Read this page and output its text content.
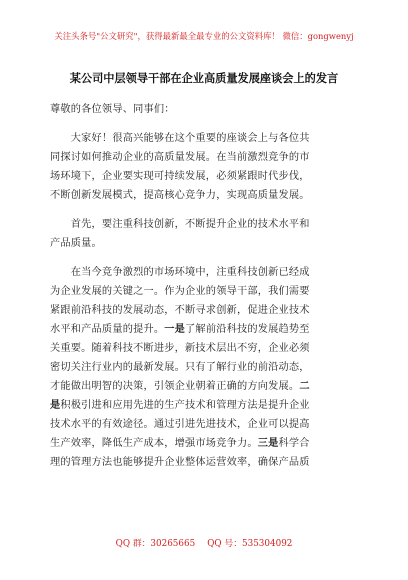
关注头条号"公文研究"，获得最新最全最专业的公文资料库！ 微信：gongwenyj
某公司中层领导干部在企业高质量发展座谈会上的发言
尊敬的各位领导、同事们：
　　大家好！很高兴能够在这个重要的座谈会上与各位共
同探讨如何推动企业的高质量发展。在当前激烈竞争的市
场环境下，企业要实现可持续发展，必须紧跟时代步伐，
不断创新发展模式，提高核心竞争力，实现高质量发展。
　　首先，要注重科技创新，不断提升企业的技术水平和
产品质量。
　　在当今竞争激烈的市场环境中，注重科技创新已经成
为企业发展的关键之一。作为企业的领导干部，我们需要
紧跟前沿科技的发展动态，不断寻求创新，促进企业技术
水平和产品质量的提升。一是了解前沿科技的发展趋势至
关重要。随着科技不断进步，新技术层出不穷，企业必须
密切关注行业内的最新发展。只有了解行业的前沿动态，
才能做出明智的决策，引领企业朝着正确的方向发展。二
是积极引进和应用先进的生产技术和管理方法是提升企业
技术水平的有效途径。通过引进先进技术，企业可以提高
生产效率，降低生产成本，增强市场竞争力。三是科学合
理的管理方法也能够提升企业整体运营效率，确保产品质
QQ 群：30265665 QQ 号：535304092
